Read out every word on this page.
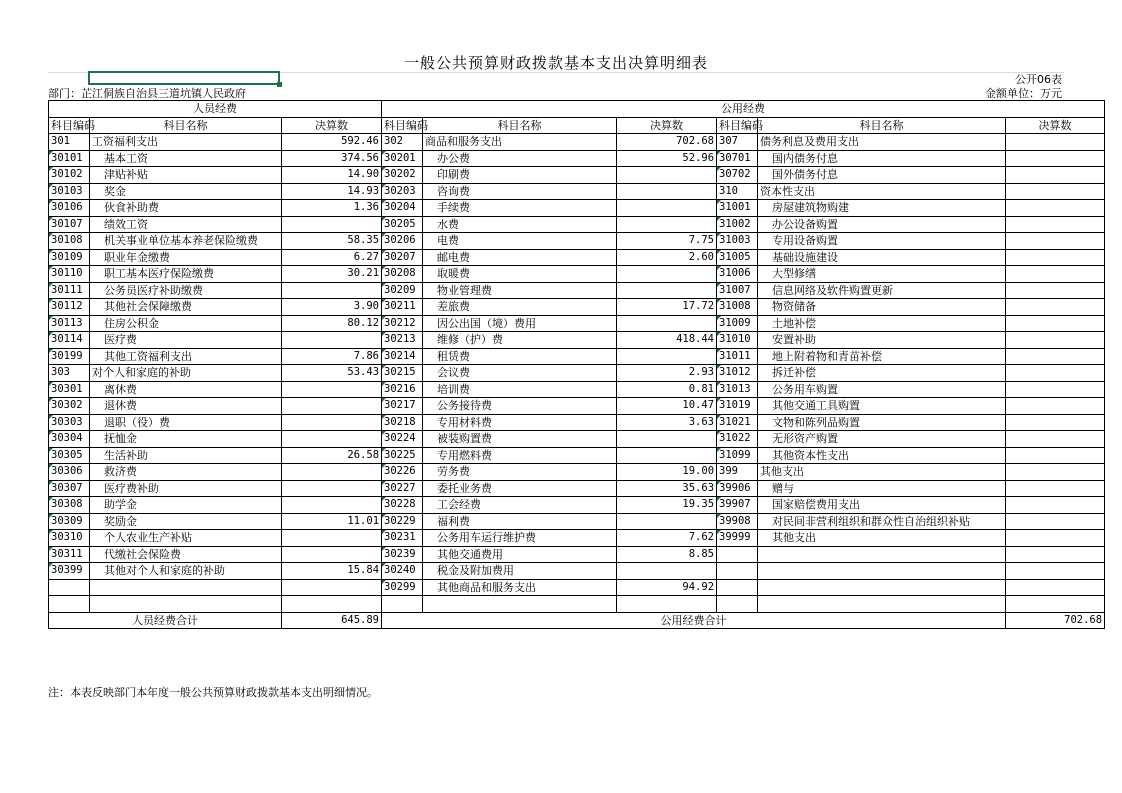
一般公共预算财政拨款基本支出决算明细表
公开06表
部门：芷江侗族自治县三道坑镇人民政府	金额单位：万元
人员经费			公用经费					
科目编码	科目名称	决算数	科目编码	科目名称	决算数	科目编码	科目名称	决算数
301	工资福利支出	592.46	302	商品和服务支出	702.68	307	债务利息及费用支出	
30101	基本工资	374.56	30201	办公费	52.96	30701	国内债务付息	
30102	津贴补贴	14.90	30202	印刷费		30702	国外债务付息	
30103	奖金	14.93	30203	咨询费		310	资本性支出	
30106	伙食补助费	1.36	30204	手续费		31001	房屋建筑物购建	
30107	绩效工资		30205	水费		31002	办公设备购置	
30108	机关事业单位基本养老保险缴费	58.35	30206	电费	7.75	31003	专用设备购置	
30109	职业年金缴费	6.27	30207	邮电费	2.60	31005	基础设施建设	
30110	职工基本医疗保险缴费	30.21	30208	取暖费		31006	大型修缮	
30111	公务员医疗补助缴费		30209	物业管理费		31007	信息网络及软件购置更新	
30112	其他社会保障缴费	3.90	30211	差旅费	17.72	31008	物资储备	
30113	住房公积金	80.12	30212	因公出国（境）费用		31009	土地补偿	
30114	医疗费		30213	维修（护）费	418.44	31010	安置补助	
30199	其他工资福利支出	7.86	30214	租赁费		31011	地上附着物和青苗补偿	
303	对个人和家庭的补助	53.43	30215	会议费	2.93	31012	拆迁补偿	
30301	离休费		30216	培训费	0.81	31013	公务用车购置	
30302	退休费		30217	公务接待费	10.47	31019	其他交通工具购置	
30303	退职（役）费		30218	专用材料费	3.63	31021	文物和陈列品购置	
30304	抚恤金		30224	被装购置费		31022	无形资产购置	
30305	生活补助	26.58	30225	专用燃料费		31099	其他资本性支出	
30306	救济费		30226	劳务费	19.00	399	其他支出	
30307	医疗费补助		30227	委托业务费	35.63	39906	赠与	
30308	助学金		30228	工会经费	19.35	39907	国家赔偿费用支出	
30309	奖励金	11.01	30229	福利费		39908	对民间非营利组织和群众性自治组织补贴	
30310	个人农业生产补贴		30231	公务用车运行维护费	7.62	39999	其他支出	
30311	代缴社会保险费		30239	其他交通费用	8.85			
30399	其他对个人和家庭的补助	15.84	30240	税金及附加费用				
			30299	其他商品和服务支出	94.92			

人员经费合计		645.89	公用经费合计					702.68
注：本表反映部门本年度一般公共预算财政拨款基本支出明细情况。
